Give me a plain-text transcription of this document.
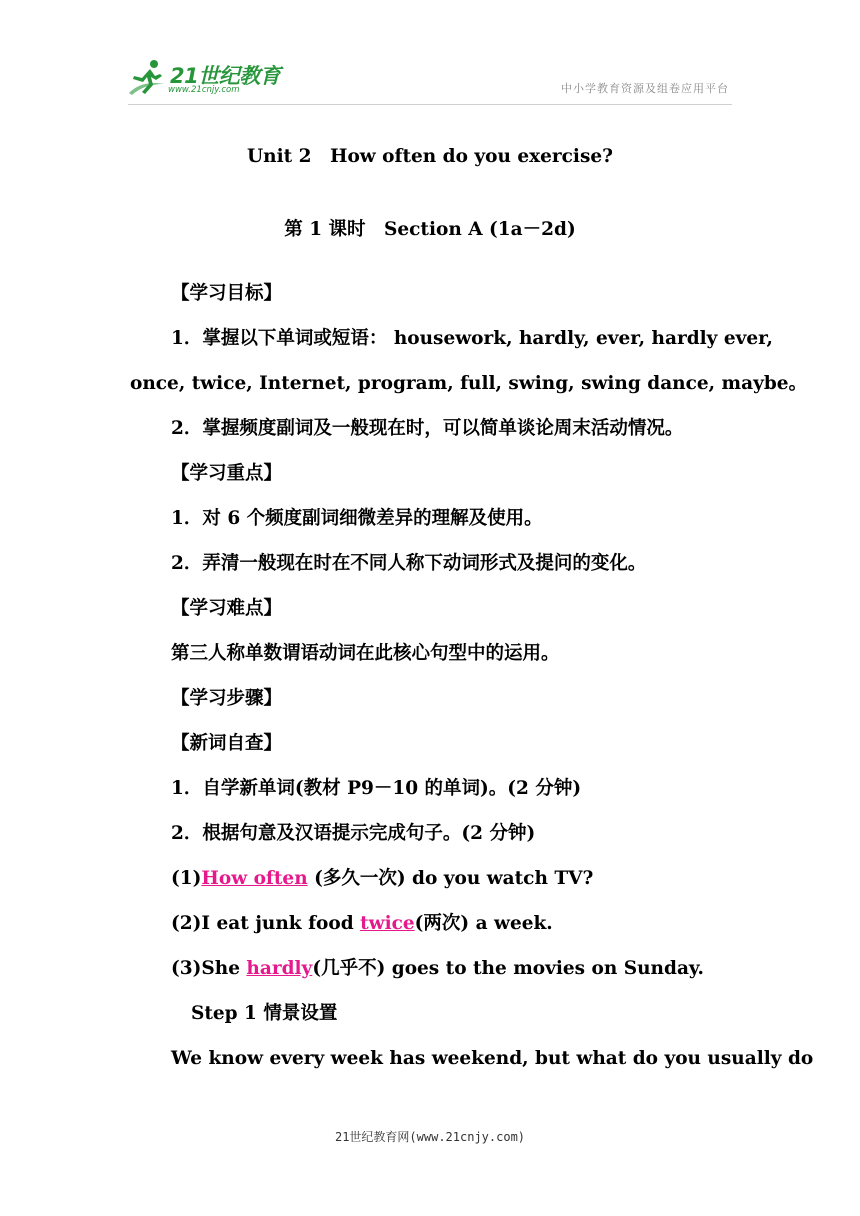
21世纪教育
www.21cnjy.com	中小学教育资源及组卷应用平台
Unit 2　How often do you exercise?
第 1 课时　Section A (1a－2d)
【学习目标】
1．掌握以下单词或短语： housework, hardly, ever, hardly ever,
once, twice, Internet, program, full, swing, swing dance, maybe。
2．掌握频度副词及一般现在时，可以简单谈论周末活动情况。
【学习重点】
1．对 6 个频度副词细微差异的理解及使用。
2．弄清一般现在时在不同人称下动词形式及提问的变化。
【学习难点】
第三人称单数谓语动词在此核心句型中的运用。
【学习步骤】
【新词自查】
1．自学新单词(教材 P9－10 的单词)。(2 分钟)
2．根据句意及汉语提示完成句子。(2 分钟)
(1)How often (多久一次) do you watch TV?
(2)I eat junk food twice(两次) a week.
(3)She hardly(几乎不) goes to the movies on Sunday.
Step 1 情景设置
We know every week has weekend, but what do you usually do
21世纪教育网(www.21cnjy.com)
